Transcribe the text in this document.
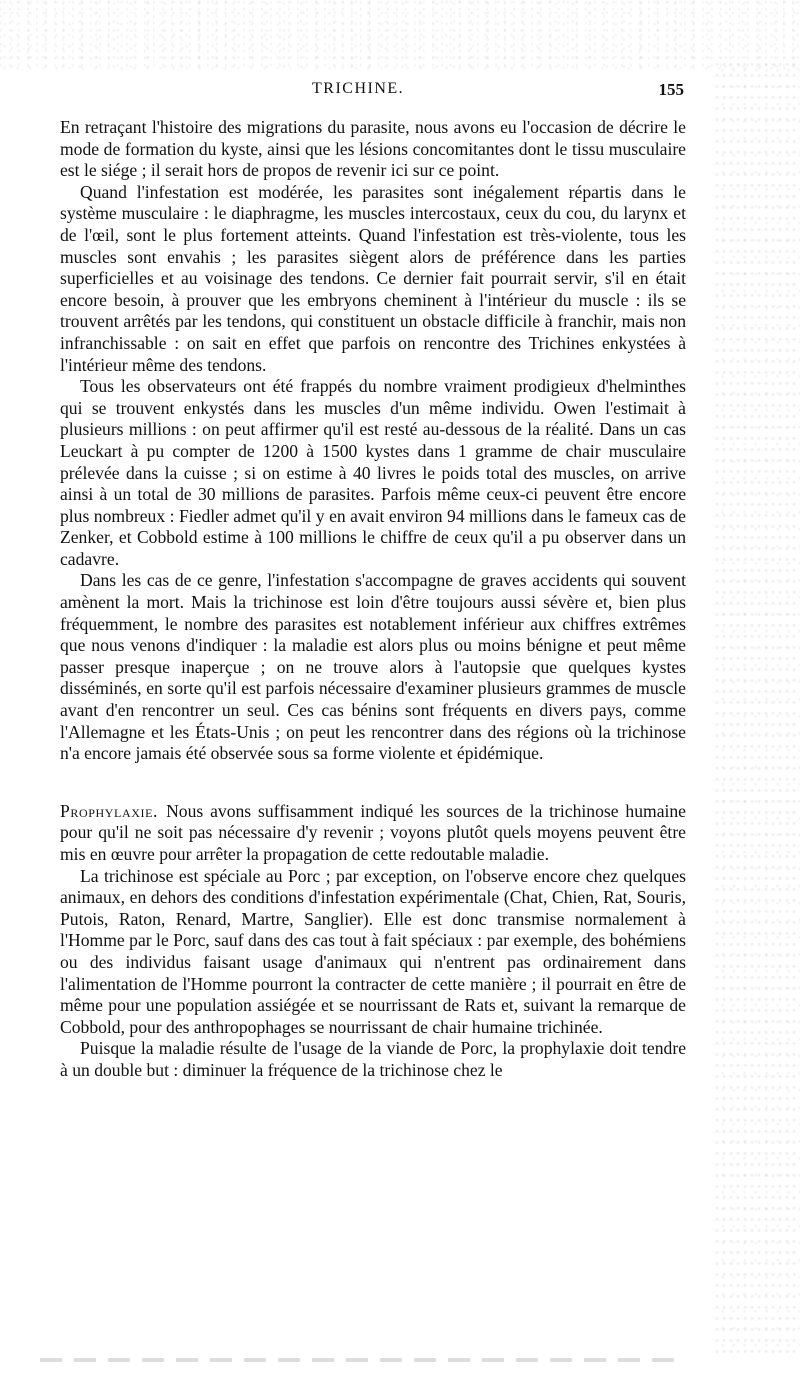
TRICHINE.	155

En retraçant l'histoire des migrations du parasite, nous avons eu l'occasion de décrire le mode de formation du kyste, ainsi que les lésions concomitantes dont le tissu musculaire est le siége ; il serait hors de propos de revenir ici sur ce point.

Quand l'infestation est modérée, les parasites sont inégalement répartis dans le système musculaire : le diaphragme, les muscles intercostaux, ceux du cou, du larynx et de l'œil, sont le plus fortement atteints. Quand l'infestation est très-violente, tous les muscles sont envahis ; les parasites siègent alors de préférence dans les parties superficielles et au voisinage des tendons. Ce dernier fait pourrait servir, s'il en était encore besoin, à prouver que les embryons cheminent à l'intérieur du muscle : ils se trouvent arrêtés par les tendons, qui constituent un obstacle difficile à franchir, mais non infranchissable : on sait en effet que parfois on rencontre des Trichines enkystées à l'intérieur même des tendons.

Tous les observateurs ont été frappés du nombre vraiment prodigieux d'helminthes qui se trouvent enkystés dans les muscles d'un même individu. Owen l'estimait à plusieurs millions : on peut affirmer qu'il est resté au-dessous de la réalité. Dans un cas Leuckart à pu compter de 1200 à 1500 kystes dans 1 gramme de chair musculaire prélevée dans la cuisse ; si on estime à 40 livres le poids total des muscles, on arrive ainsi à un total de 30 millions de parasites. Parfois même ceux-ci peuvent être encore plus nombreux : Fiedler admet qu'il y en avait environ 94 millions dans le fameux cas de Zenker, et Cobbold estime à 100 millions le chiffre de ceux qu'il a pu observer dans un cadavre.

Dans les cas de ce genre, l'infestation s'accompagne de graves accidents qui souvent amènent la mort. Mais la trichinose est loin d'être toujours aussi sévère et, bien plus fréquemment, le nombre des parasites est notablement inférieur aux chiffres extrêmes que nous venons d'indiquer : la maladie est alors plus ou moins bénigne et peut même passer presque inaperçue ; on ne trouve alors à l'autopsie que quelques kystes disséminés, en sorte qu'il est parfois nécessaire d'examiner plusieurs grammes de muscle avant d'en rencontrer un seul. Ces cas bénins sont fréquents en divers pays, comme l'Allemagne et les États-Unis ; on peut les rencontrer dans des régions où la trichinose n'a encore jamais été observée sous sa forme violente et épidémique.

Prophylaxie. Nous avons suffisamment indiqué les sources de la trichinose humaine pour qu'il ne soit pas nécessaire d'y revenir ; voyons plutôt quels moyens peuvent être mis en œuvre pour arrêter la propagation de cette redoutable maladie.

La trichinose est spéciale au Porc ; par exception, on l'observe encore chez quelques animaux, en dehors des conditions d'infestation expérimentale (Chat, Chien, Rat, Souris, Putois, Raton, Renard, Martre, Sanglier). Elle est donc transmise normalement à l'Homme par le Porc, sauf dans des cas tout à fait spéciaux : par exemple, des bohémiens ou des individus faisant usage d'animaux qui n'entrent pas ordinairement dans l'alimentation de l'Homme pourront la contracter de cette manière ; il pourrait en être de même pour une population assiégée et se nourrissant de Rats et, suivant la remarque de Cobbold, pour des anthropophages se nourrissant de chair humaine trichinée.

Puisque la maladie résulte de l'usage de la viande de Porc, la prophylaxie doit tendre à un double but : diminuer la fréquence de la trichinose chez le
